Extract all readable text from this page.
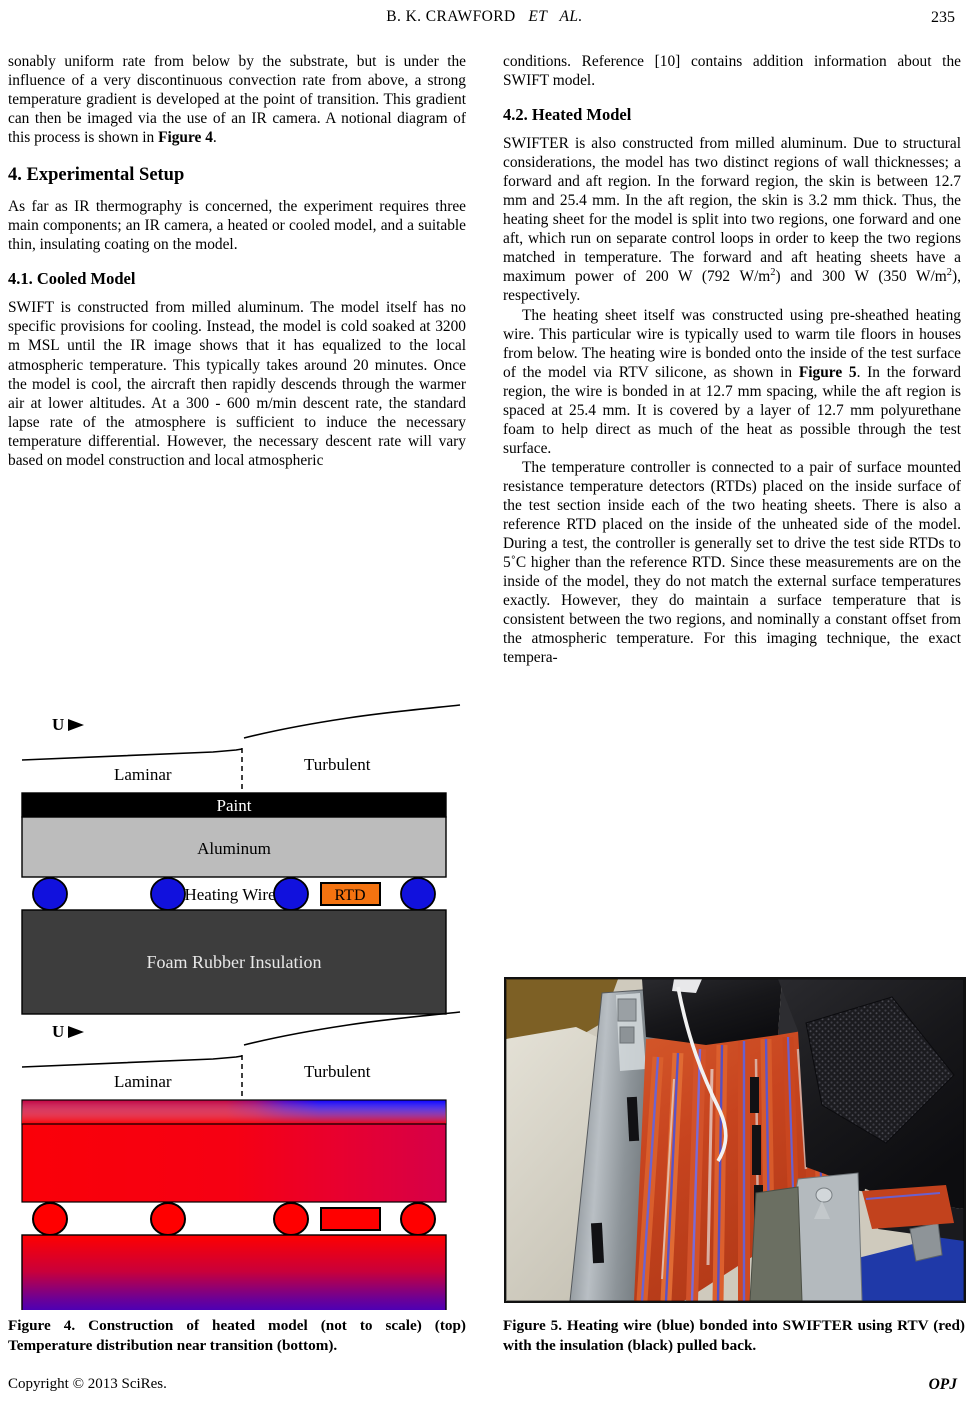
B. K. CRAWFORD ET   AL.	235

sonably uniform rate from below by the substrate, but is under the influence of a very discontinuous convection rate from above, a strong temperature gradient is developed at the point of transition. This gradient can then be imaged via the use of an IR camera. A notional diagram of this process is shown in Figure 4.

4. Experimental Setup

As far as IR thermography is concerned, the experiment requires three main components; an IR camera, a heated or cooled model, and a suitable thin, insulating coating on the model.

4.1. Cooled Model

SWIFT is constructed from milled aluminum. The model itself has no specific provisions for cooling. Instead, the model is cold soaked at 3200 m MSL until the IR image shows that it has equalized to the local atmospheric temperature. This typically takes around 20 minutes. Once the model is cool, the aircraft then rapidly descends through the warmer air at lower altitudes. At a 300 - 600 m/min descent rate, the standard lapse rate of the atmosphere is sufficient to induce the necessary temperature differential. However, the necessary descent rate will vary based on model construction and local atmospheric

conditions. Reference [10] contains addition information about the SWIFT model.

4.2. Heated Model

SWIFTER is also constructed from milled aluminum. Due to structural considerations, the model has two distinct regions of wall thicknesses; a forward and aft region. In the forward region, the skin is between 12.7 mm and 25.4 mm. In the aft region, the skin is 3.2 mm thick. Thus, the heating sheet for the model is split into two regions, one forward and one aft, which run on separate control loops in order to keep the two regions matched in temperature. The forward and aft heating sheets have a maximum power of 200 W (792 $W/m^2$) and 300 W (350 $W/m^2$), respectively.

The heating sheet itself was constructed using pre-sheathed heating wire. This particular wire is typically used to warm tile floors in houses from below. The heating wire is bonded onto the inside of the test surface of the model via RTV silicone, as shown in Figure 5. In the forward region, the wire is bonded in at 12.7 mm spacing, while the aft region is spaced at 25.4 mm. It is covered by a layer of 12.7 mm polyurethane foam to help direct as much of the heat as possible through the test surface.

The temperature controller is connected to a pair of surface mounted resistance temperature detectors (RTDs) placed on the inside surface of the test section inside each of the two heating sheets. There is also a reference RTD placed on the inside of the unheated side of the model. During a test, the controller is generally set to drive the test side RTDs to 5˚C higher than the reference RTD. Since these measurements are on the inside of the model, they do not match the external surface temperatures exactly. However, they do maintain a surface temperature that is consistent between the two regions, and nominally a constant offset from the atmospheric temperature. For this imaging technique, the exact tempera-

U
Laminar
Turbulent
Paint
Aluminum
Heating Wire	RTD
Foam Rubber Insulation
U
Laminar
Turbulent
Figure 4. Construction of heated model (not to scale) (top) Temperature distribution near transition (bottom).
Figure 5. Heating wire (blue) bonded into SWIFTER using RTV (red) with the insulation (black) pulled back.
Copyright © 2013 SciRes.	OPJ
